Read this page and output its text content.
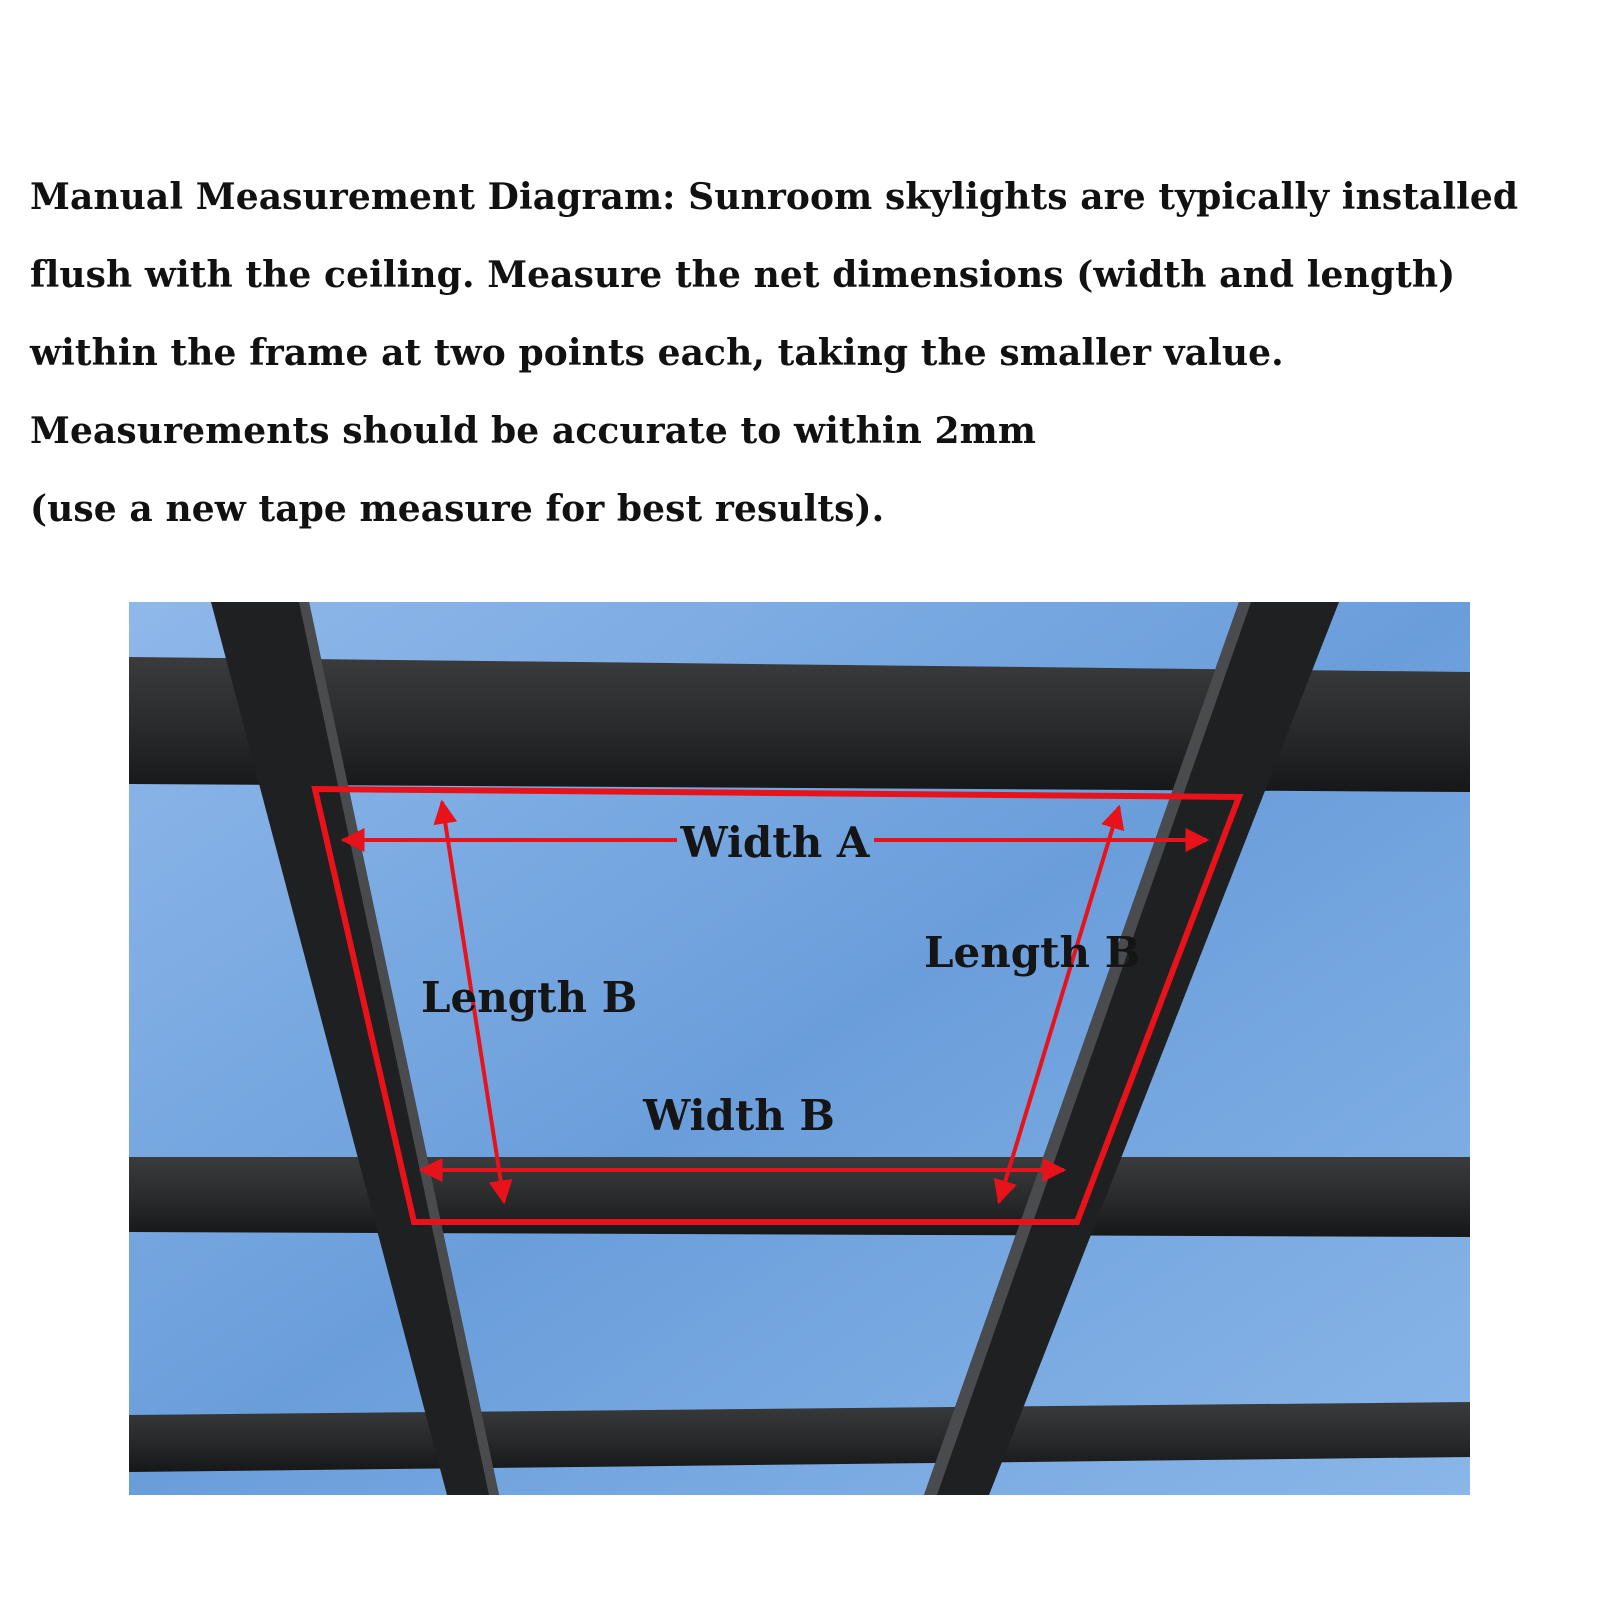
Manual Measurement Diagram: Sunroom skylights are typically installed
flush with the ceiling. Measure the net dimensions (width and length)
within the frame at two points each, taking the smaller value.
Measurements should be accurate to within 2mm
(use a new tape measure for best results).
Width A
Width B
Length B
Length B
